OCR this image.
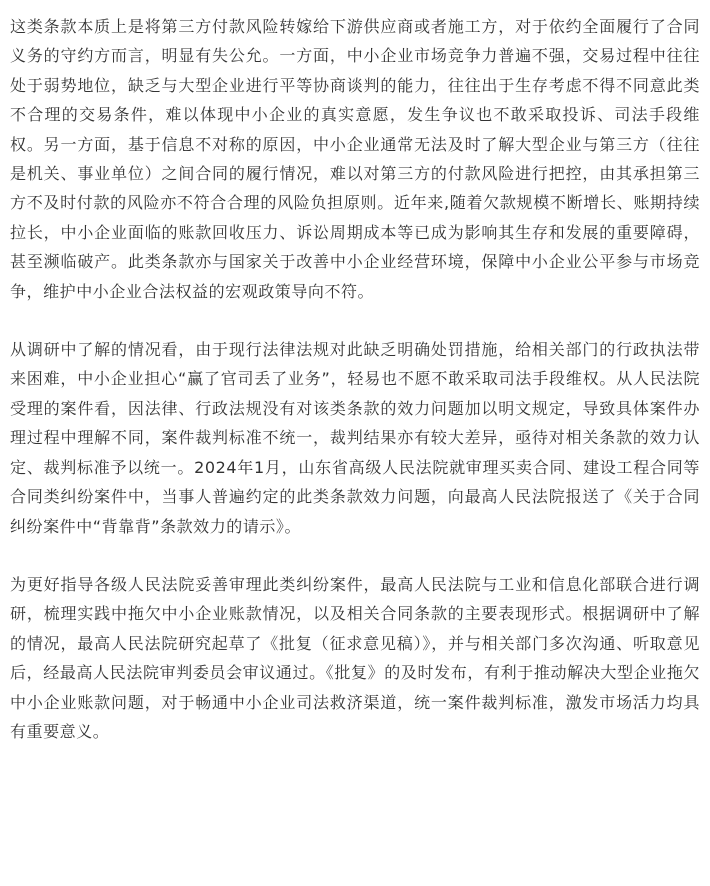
这类条款本质上是将第三方付款风险转嫁给下游供应商或者施工方，对于依约全面履行了合同义务的守约方而言，明显有失公允。一方面，中小企业市场竞争力普遍不强，交易过程中往往处于弱势地位，缺乏与大型企业进行平等协商谈判的能力，往往出于生存考虑不得不同意此类不合理的交易条件，难以体现中小企业的真实意愿，发生争议也不敢采取投诉、司法手段维权。另一方面，基于信息不对称的原因，中小企业通常无法及时了解大型企业与第三方（往往是机关、事业单位）之间合同的履行情况，难以对第三方的付款风险进行把控，由其承担第三方不及时付款的风险亦不符合合理的风险负担原则。近年来,随着欠款规模不断增长、账期持续拉长，中小企业面临的账款回收压力、诉讼周期成本等已成为影响其生存和发展的重要障碍，甚至濒临破产。此类条款亦与国家关于改善中小企业经营环境，保障中小企业公平参与市场竞争，维护中小企业合法权益的宏观政策导向不符。

从调研中了解的情况看，由于现行法律法规对此缺乏明确处罚措施，给相关部门的行政执法带来困难，中小企业担心“赢了官司丢了业务”，轻易也不愿不敢采取司法手段维权。从人民法院受理的案件看，因法律、行政法规没有对该类条款的效力问题加以明文规定，导致具体案件办理过程中理解不同，案件裁判标准不统一，裁判结果亦有较大差异，亟待对相关条款的效力认定、裁判标准予以统一。2024年1月，山东省高级人民法院就审理买卖合同、建设工程合同等合同类纠纷案件中，当事人普遍约定的此类条款效力问题，向最高人民法院报送了《关于合同纠纷案件中“背靠背”条款效力的请示》。

为更好指导各级人民法院妥善审理此类纠纷案件，最高人民法院与工业和信息化部联合进行调研，梳理实践中拖欠中小企业账款情况，以及相关合同条款的主要表现形式。根据调研中了解的情况，最高人民法院研究起草了《批复（征求意见稿）》，并与相关部门多次沟通、听取意见后，经最高人民法院审判委员会审议通过。《批复》的及时发布，有利于推动解决大型企业拖欠中小企业账款问题，对于畅通中小企业司法救济渠道，统一案件裁判标准，激发市场活力均具有重要意义。
